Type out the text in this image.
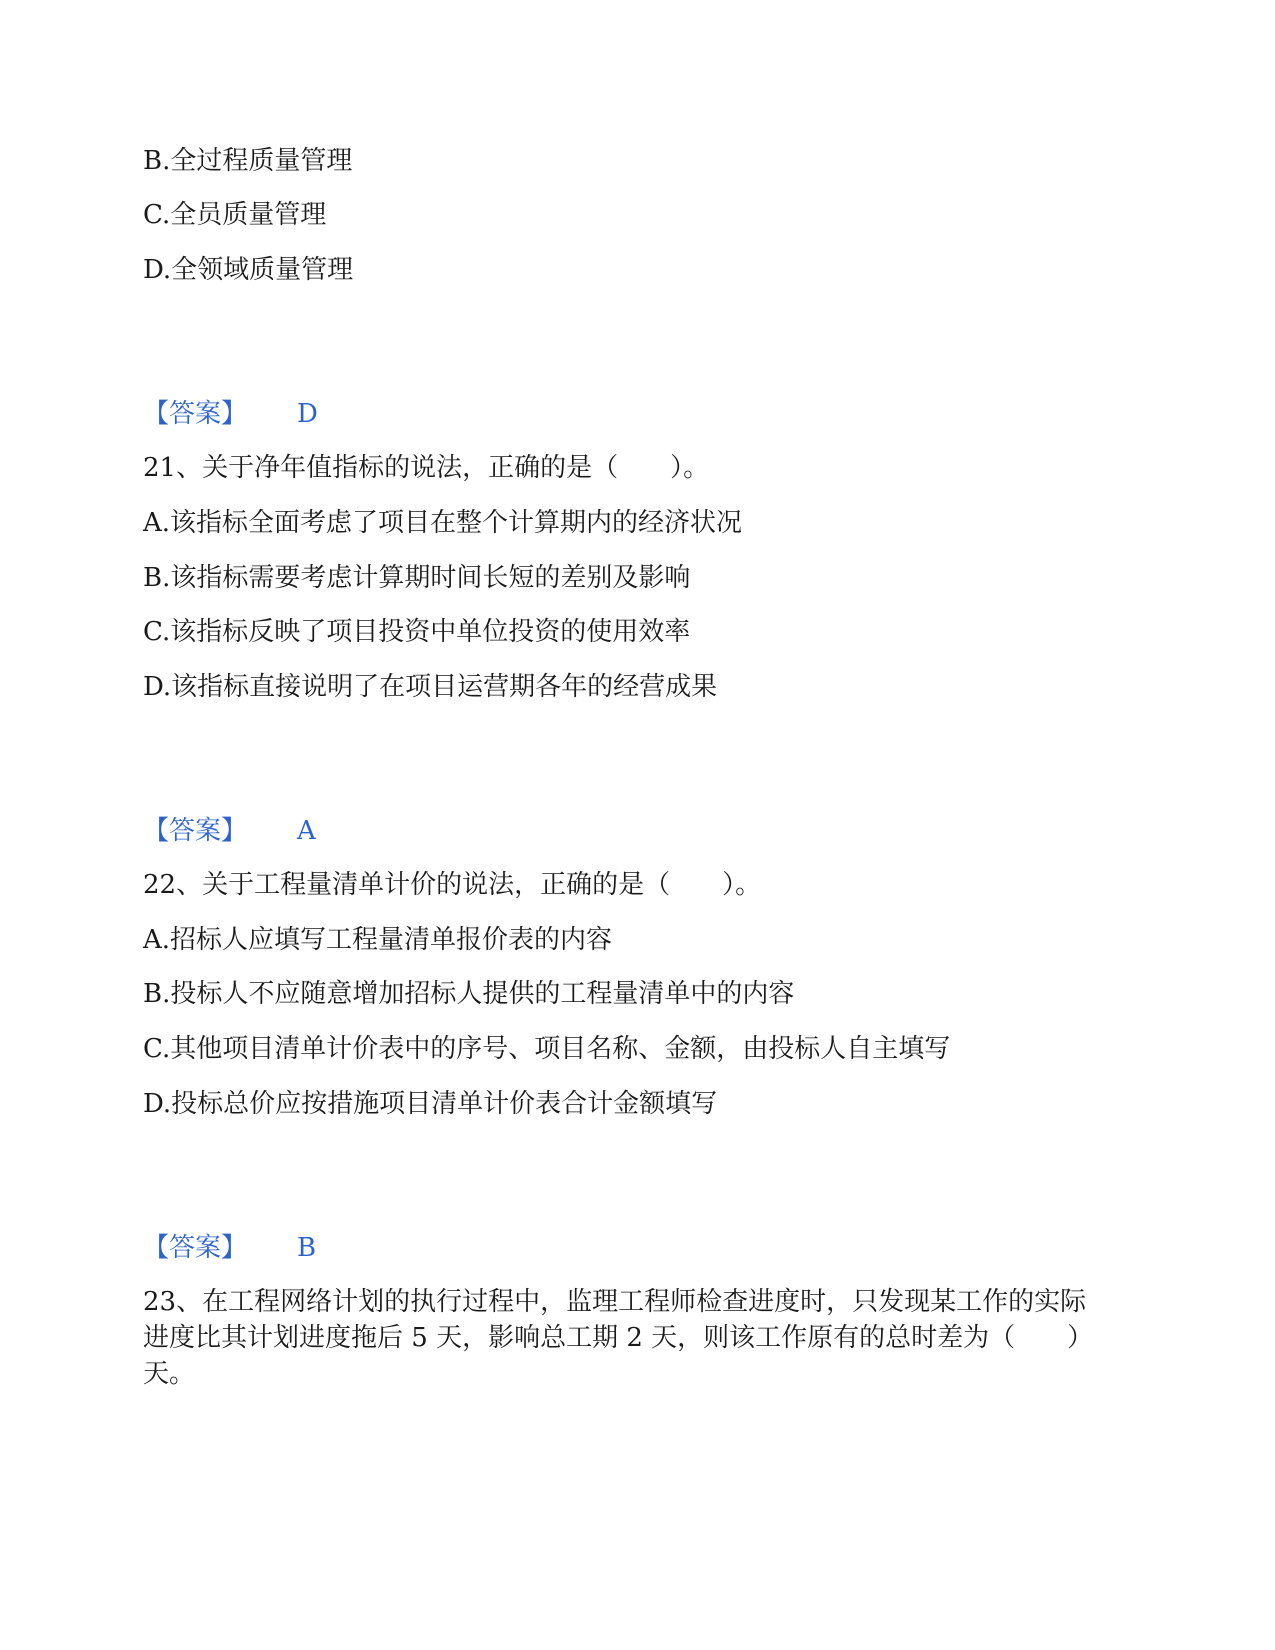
B.全过程质量管理
C.全员质量管理
D.全领域质量管理
【答案】 D
21、关于净年值指标的说法，正确的是（　　）。
A.该指标全面考虑了项目在整个计算期内的经济状况
B.该指标需要考虑计算期时间长短的差别及影响
C.该指标反映了项目投资中单位投资的使用效率
D.该指标直接说明了在项目运营期各年的经营成果
【答案】 A
22、关于工程量清单计价的说法，正确的是（　　）。
A.招标人应填写工程量清单报价表的内容
B.投标人不应随意增加招标人提供的工程量清单中的内容
C.其他项目清单计价表中的序号、项目名称、金额，由投标人自主填写
D.投标总价应按措施项目清单计价表合计金额填写
【答案】 B
23、在工程网络计划的执行过程中，监理工程师检查进度时，只发现某工作的实际进度比其计划进度拖后 5 天，影响总工期 2 天，则该工作原有的总时差为（　　）天。
